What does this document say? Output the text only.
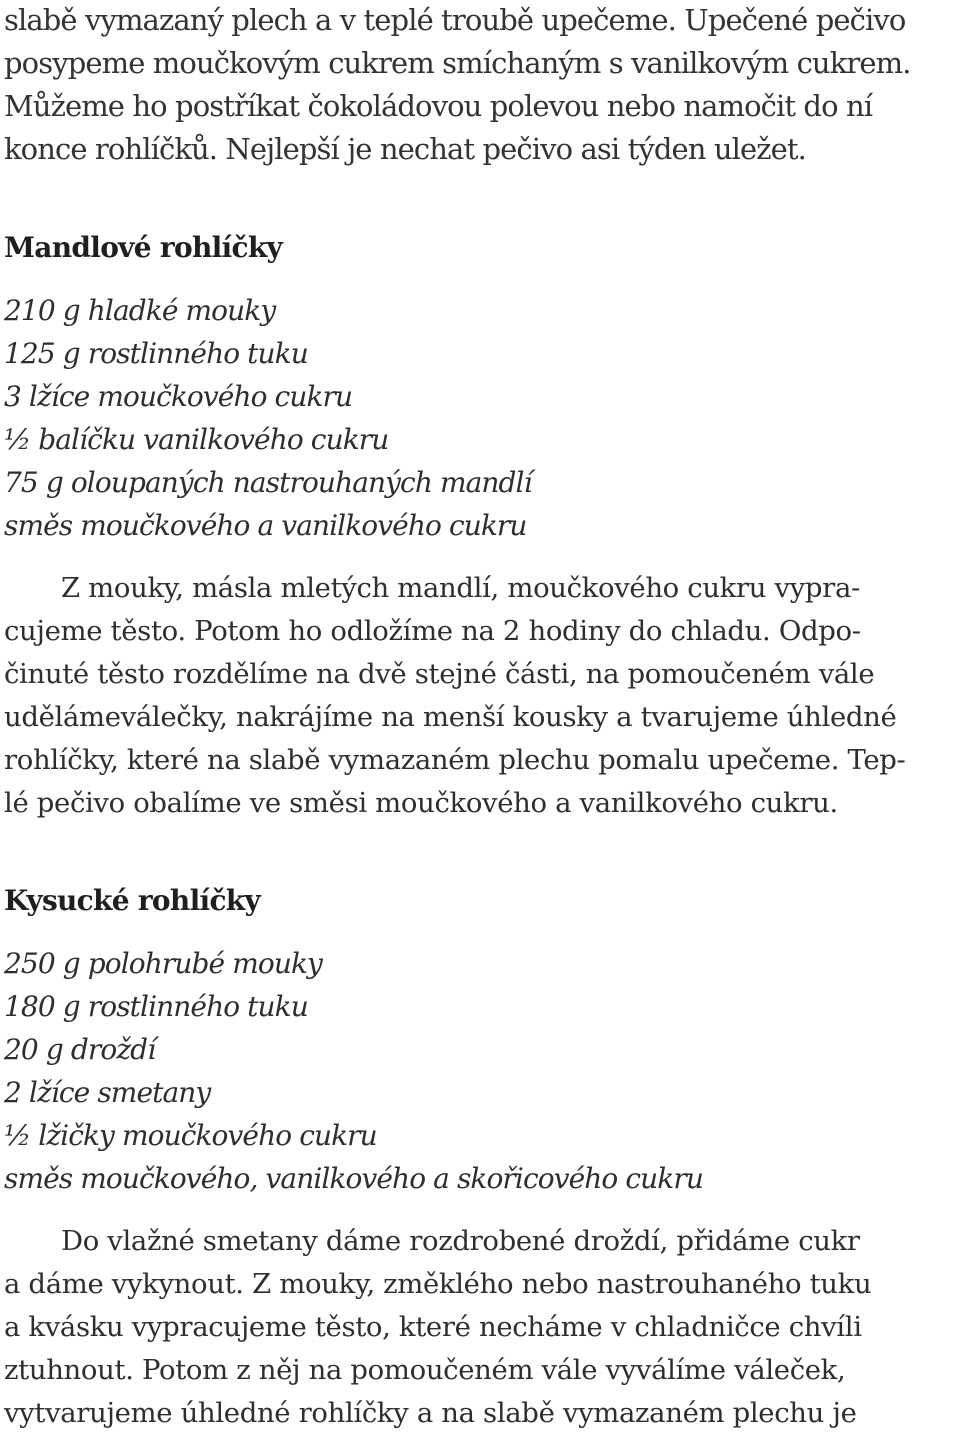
slabě vymazaný plech a v teplé troubě upečeme. Upečené pečivo
posypeme moučkovým cukrem smíchaným s vanilkovým cukrem.
Můžeme ho postříkat čokoládovou polevou nebo namočit do ní
konce rohlíčků. Nejlepší je nechat pečivo asi týden uležet.
Mandlové rohlíčky
210 g hladké mouky
125 g rostlinného tuku
3 lžíce moučkového cukru
½ balíčku vanilkového cukru
75 g oloupaných nastrouhaných mandlí
směs moučkového a vanilkového cukru
Z mouky, másla mletých mandlí, moučkového cukru vypra-
cujeme těsto. Potom ho odložíme na 2 hodiny do chladu. Odpo-
činuté těsto rozdělíme na dvě stejné části, na pomoučeném vále
udělámeválečky, nakrájíme na menší kousky a tvarujeme úhledné
rohlíčky, které na slabě vymazaném plechu pomalu upečeme. Tep-
lé pečivo obalíme ve směsi moučkového a vanilkového cukru.
Kysucké rohlíčky
250 g polohrubé mouky
180 g rostlinného tuku
20 g droždí
2 lžíce smetany
½ lžičky moučkového cukru
směs moučkového, vanilkového a skořicového cukru
Do vlažné smetany dáme rozdrobené droždí, přidáme cukr
a dáme vykynout. Z mouky, změklého nebo nastrouhaného tuku
a kvásku vypracujeme těsto, které necháme v chladničce chvíli
ztuhnout. Potom z něj na pomoučeném vále vyválíme váleček,
vytvarujeme úhledné rohlíčky a na slabě vymazaném plechu je
